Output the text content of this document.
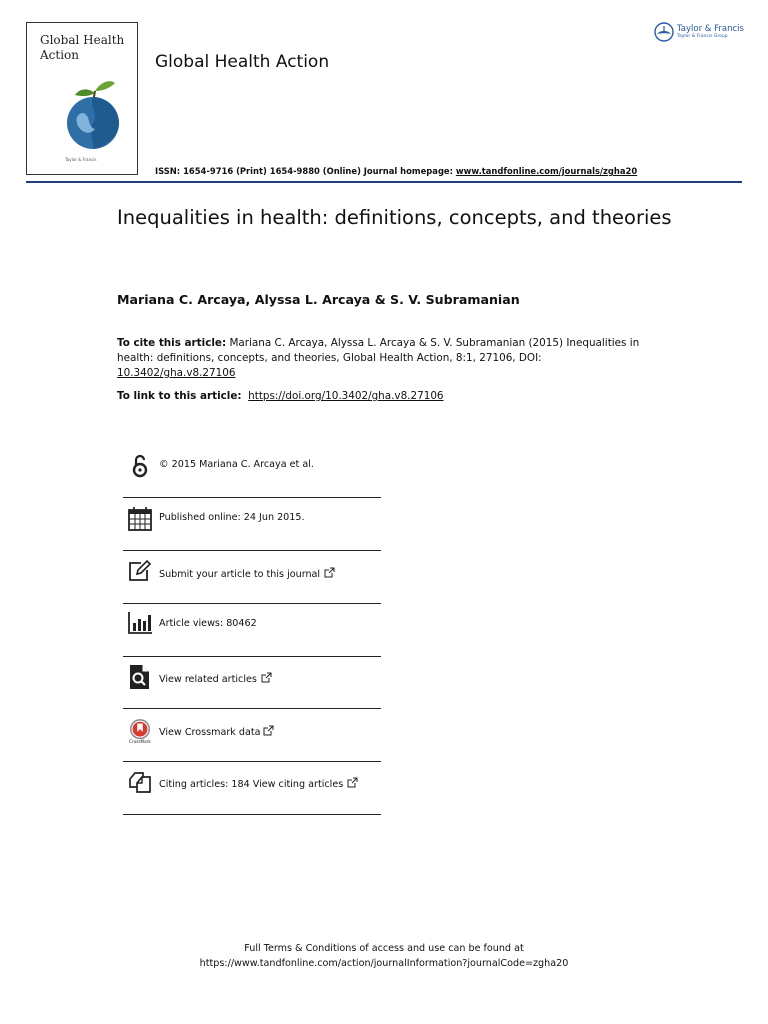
Global Health Action
Taylor & Francis
Global Health Action
Taylor & Francis
Taylor & Francis Group
ISSN: 1654-9716 (Print) 1654-9880 (Online) Journal homepage: www.tandfonline.com/journals/zgha20
Inequalities in health: definitions, concepts, and theories
Mariana C. Arcaya, Alyssa L. Arcaya & S. V. Subramanian
To cite this article: Mariana C. Arcaya, Alyssa L. Arcaya & S. V. Subramanian (2015) Inequalities in health: definitions, concepts, and theories, Global Health Action, 8:1, 27106, DOI: 10.3402/gha.v8.27106
To link to this article: https://doi.org/10.3402/gha.v8.27106
© 2015 Mariana C. Arcaya et al.
Published online: 24 Jun 2015.
Submit your article to this journal
Article views: 80462
View related articles
CrossMark
View Crossmark data
Citing articles: 184 View citing articles
Full Terms & Conditions of access and use can be found at
https://www.tandfonline.com/action/journalInformation?journalCode=zgha20
